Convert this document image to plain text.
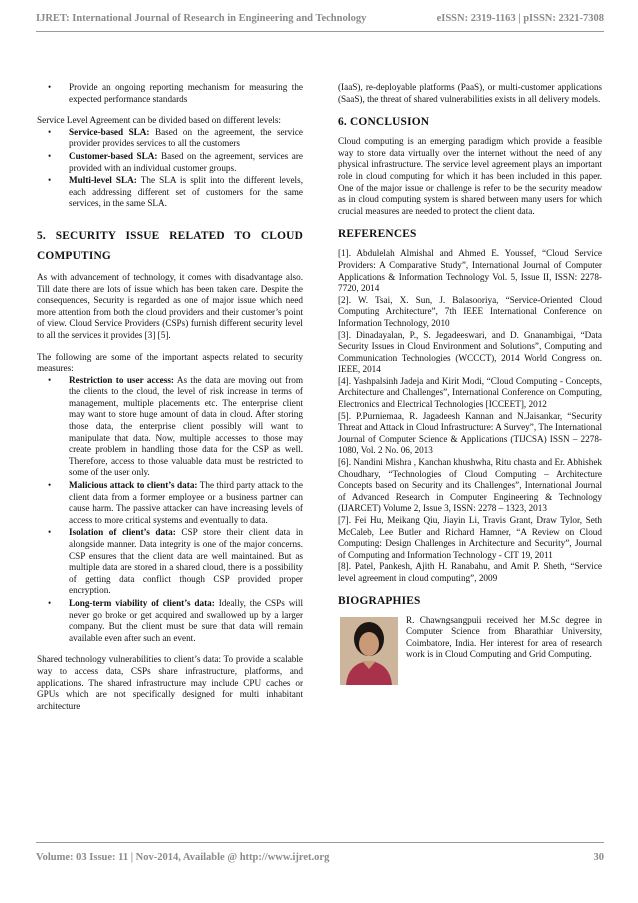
IJRET: International Journal of Research in Engineering and Technology	eISSN: 2319-1163 | pISSN: 2321-7308
• Provide an ongoing reporting mechanism for measuring the expected performance standards

Service Level Agreement can be divided based on different levels:

• Service-based SLA: Based on the agreement, the service provider provides services to all the customers
• Customer-based SLA: Based on the agreement, services are provided with an individual customer groups.
• Multi-level SLA: The SLA is split into the different levels, each addressing different set of customers for the same services, in the same SLA.
5. SECURITY ISSUE RELATED TO CLOUD COMPUTING

As with advancement of technology, it comes with disadvantage also. Till date there are lots of issue which has been taken care. Despite the consequences, Security is regarded as one of major issue which need more attention from both the cloud providers and their customer’s point of view. Cloud Service Providers (CSPs) furnish different security level to all the services it provides [3] [5].

The following are some of the important aspects related to security measures:

• Restriction to user access: As the data are moving out from the clients to the cloud, the level of risk increase in terms of management, multiple placements etc. The enterprise client may want to store huge amount of data in cloud. After storing those data, the enterprise client possibly will want to manipulate that data. Now, multiple accesses to those may create problem in handling those data for the CSP as well. Therefore, access to those valuable data must be restricted to some of the user only.
• Malicious attack to client’s data: The third party attack to the client data from a former employee or a business partner can cause harm. The passive attacker can have increasing levels of access to more critical systems and eventually to data.
• Isolation of client’s data: CSP store their client data in alongside manner. Data integrity is one of the major concerns. CSP ensures that the client data are well maintained. But as multiple data are stored in a shared cloud, there is a possibility of getting data conflict though CSP provided proper encryption.
• Long-term viability of client’s data: Ideally, the CSPs will never go broke or get acquired and swallowed up by a larger company. But the client must be sure that data will remain available even after such an event.

Shared technology vulnerabilities to client’s data: To provide a scalable way to access data, CSPs share infrastructure, platforms, and applications. The shared infrastructure may include CPU caches or GPUs which are not specifically designed for multi inhabitant architecture

(IaaS), re-deployable platforms (PaaS), or multi-customer applications (SaaS), the threat of shared vulnerabilities exists in all delivery models.

6. CONCLUSION

Cloud computing is an emerging paradigm which provide a feasible way to store data virtually over the internet without the need of any physical infrastructure. The service level agreement plays an important role in cloud computing for which it has been included in this paper. One of the major issue or challenge is refer to be the security meadow as in cloud computing system is shared between many users for which crucial measures are needed to protect the client data.

REFERENCES

[1]. Abdulelah Almishal and Ahmed E. Youssef, “Cloud Service Providers: A Comparative Study”, International Journal of Computer Applications & Information Technology Vol. 5, Issue II, ISSN: 2278-7720, 2014

[2]. W. Tsai, X. Sun, J. Balasooriya, “Service-Oriented Cloud Computing Architecture”, 7th IEEE International Conference on Information Technology, 2010

[3]. Dinadayalan, P., S. Jegadeeswari, and D. Gnanambigai, “Data Security Issues in Cloud Environment and Solutions”, Computing and Communication Technologies (WCCCT), 2014 World Congress on. IEEE, 2014

[4]. Yashpalsinh Jadeja and Kirit Modi, “Cloud Computing - Concepts, Architecture and Challenges”, International Conference on Computing, Electronics and Electrical Technologies [ICCEET], 2012

[5]. P.Purniemaa, R. Jagadeesh Kannan and N.Jaisankar, “Security Threat and Attack in Cloud Infrastructure: A Survey”, The International Journal of Computer Science & Applications (TIJCSA) ISSN – 2278-1080, Vol. 2 No. 06, 2013

[6]. Nandini Mishra , Kanchan khushwha, Ritu chasta and Er. Abhishek Choudhary, “Technologies of Cloud Computing – Architecture Concepts based on Security and its Challenges”, International Journal of Advanced Research in Computer Engineering & Technology (IJARCET) Volume 2, Issue 3, ISSN: 2278 – 1323, 2013

[7]. Fei Hu, Meikang Qiu, Jiayin Li, Travis Grant, Draw Tylor, Seth McCaleb, Lee Butler and Richard Hamner, “A Review on Cloud Computing: Design Challenges in Architecture and Security”, Journal of Computing and Information Technology - CIT 19, 2011

[8]. Patel, Pankesh, Ajith H. Ranabahu, and Amit P. Sheth, “Service level agreement in cloud computing”, 2009

BIOGRAPHIES
R. Chawngsangpuii received her M.Sc degree in Computer Science from Bharathiar University, Coimbatore, India. Her interest for area of research work is in Cloud Computing and Grid Computing.
Volume: 03 Issue: 11 | Nov-2014, Available @ http://www.ijret.org	30
